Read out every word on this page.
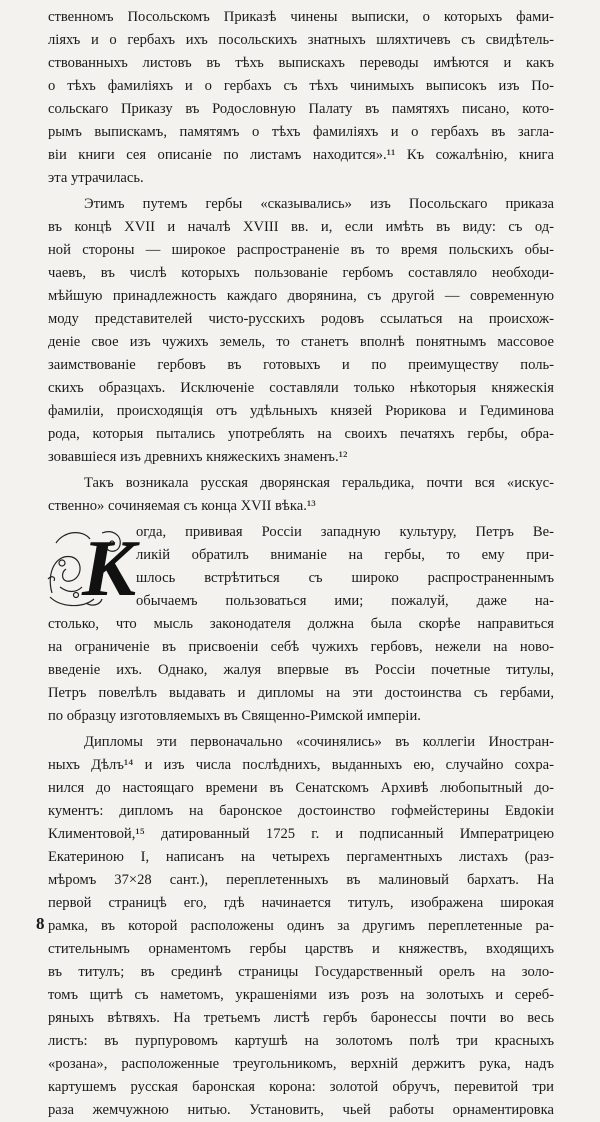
ственномъ Посольскомъ Приказѣ чинены выписки, о которыхъ фами-
ліяхъ и о гербахъ ихъ посольскихъ знатныхъ шляхтичевъ съ свидѣтель-
ствованныхъ листовъ въ тѣхъ выпискахъ переводы имѣются и какъ
о тѣхъ фамиліяхъ и о гербахъ съ тѣхъ чинимыхъ выписокъ изъ По-
сольскаго Приказу въ Родословную Палату въ памятяхъ писано, кото-
рымъ выпискамъ, памятямъ о тѣхъ фамиліяхъ и о гербахъ въ заглa-
віи книги сея описаніе по листамъ находится».¹¹ Къ сожалѣнію, книга
эта утрачилась.

Этимъ путемъ гербы «сказывались» изъ Посольскаго приказа
въ концѣ XVII и началѣ XVIII вв. и, если имѣть въ виду: съ од-
ной стороны — широкое распространеніе въ то время польскихъ обы-
чаевъ, въ числѣ которыхъ пользованіе гербомъ составляло необходи-
мѣйшую принадлежность каждаго дворянина, съ другой — современную
моду представителей чисто-русскихъ родовъ ссылаться на происхож-
деніе свое изъ чужихъ земель, то станетъ вполнѣ понятнымъ массовое
заимствованіе гербовъ въ готовыхъ и по преимуществу поль-
скихъ образцахъ. Исключеніе составляли только нѣкоторыя княжескія
фамиліи, происходящія отъ удѣльныхъ князей Рюрикова и Гедиминова
рода, которыя пытались употреблять на своихъ печатяхъ гербы, обра-
зовавшіеся изъ древнихъ княжескихъ знаменъ.¹²

Такъ возникала русская дворянская геральдика, почти вся «искус-
ственно» сочиняемая съ конца XVII вѣка.¹³

К огда, прививая Россіи западную культуру, Петръ Ве-
ликій обратилъ вниманіе на гербы, то ему при-
шлось встрѣтиться съ широко распространеннымъ
обычаемъ пользоваться ими; пожалуй, даже на-
столько, что мысль законодателя должна была скорѣе направиться
на ограниченіе въ присвоеніи себѣ чужихъ гербовъ, нежели на ново-
введеніе ихъ. Однако, жалуя впервые въ Россіи почетные титулы,
Петръ повелѣлъ выдавать и дипломы на эти достоинства съ гербами,
по образцу изготовляемыхъ въ Священно-Римской имперіи.

Дипломы эти первоначально «сочинялись» въ коллегіи Иностран-
ныхъ Дѣлъ¹⁴ и изъ числа послѣднихъ, выданныхъ ею, случайно сохра-
нился до настоящаго времени въ Сенатскомъ Архивѣ любопытный до-
кументъ: дипломъ на баронское достоинство гофмейстерины Евдокіи
Климентовой,¹⁵ датированный 1725 г. и подписанный Императрицею
Екатериною I, написанъ на четырехъ пергаментныхъ листахъ (раз-
мѣромъ 37×28 сант.), переплетенныхъ въ малиновый бархатъ. На
первой страницѣ его, гдѣ начинается титулъ, изображена широкая
рамка, въ которой расположены одинъ за другимъ переплетенные ра-
стительнымъ орнаментомъ гербы царствъ и княжествъ, входящихъ
въ титулъ; въ срединѣ страницы Государственный орелъ на золо-
томъ щитѣ съ наметомъ, украшеніями изъ розъ на золотыхъ и сереб-
ряныхъ вѣтвяхъ. На третьемъ листѣ гербъ баронессы почти во весь
листъ: въ пурпуровомъ картушѣ на золотомъ полѣ три красныхъ
«розана», расположенные треугольникомъ, верхній держитъ рука, надъ
картушемъ русская баронская корона: золотой обручъ, перевитой три
раза жемчужною нитью. Установить, чьей работы орнаментировка

8
